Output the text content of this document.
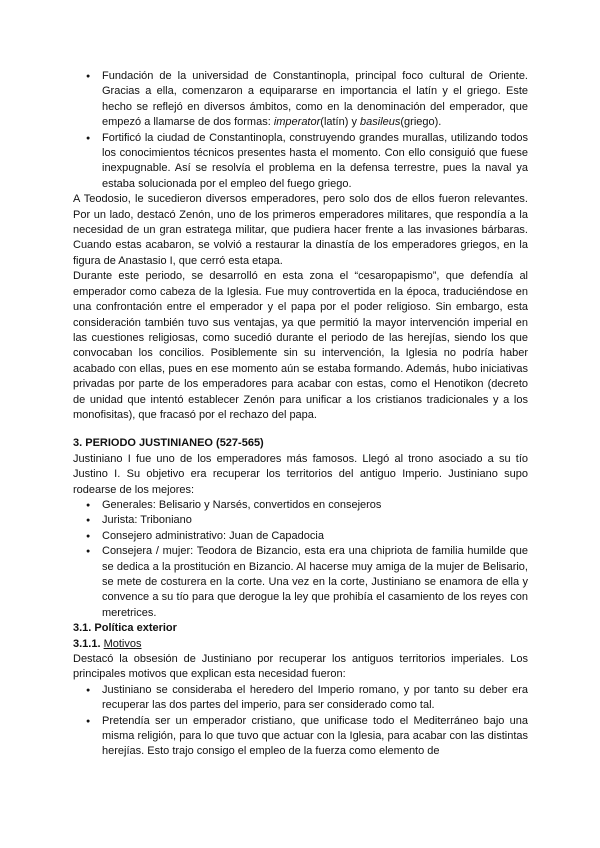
● Fundación de la universidad de Constantinopla, principal foco cultural de Oriente. Gracias a ella, comenzaron a equipararse en importancia el latín y el griego. Este hecho se reflejó en diversos ámbitos, como en la denominación del emperador, que empezó a llamarse de dos formas: imperator(latín) y basileus(griego).
● Fortificó la ciudad de Constantinopla, construyendo grandes murallas, utilizando todos los conocimientos técnicos presentes hasta el momento. Con ello consiguió que fuese inexpugnable. Así se resolvía el problema en la defensa terrestre, pues la naval ya estaba solucionada por el empleo del fuego griego.

A Teodosio, le sucedieron diversos emperadores, pero solo dos de ellos fueron relevantes. Por un lado, destacó Zenón, uno de los primeros emperadores militares, que respondía a la necesidad de un gran estratega militar, que pudiera hacer frente a las invasiones bárbaras. Cuando estas acabaron, se volvió a restaurar la dinastía de los emperadores griegos, en la figura de Anastasio I, que cerró esta etapa.

Durante este periodo, se desarrolló en esta zona el “cesaropapismo”, que defendía al emperador como cabeza de la Iglesia. Fue muy controvertida en la época, traduciéndose en una confrontación entre el emperador y el papa por el poder religioso. Sin embargo, esta consideración también tuvo sus ventajas, ya que permitió la mayor intervención imperial en las cuestiones religiosas, como sucedió durante el periodo de las herejías, siendo los que convocaban los concilios. Posiblemente sin su intervención, la Iglesia no podría haber acabado con ellas, pues en ese momento aún se estaba formando. Además, hubo iniciativas privadas por parte de los emperadores para acabar con estas, como el Henotikon (decreto de unidad que intentó establecer Zenón para unificar a los cristianos tradicionales y a los monofisitas), que fracasó por el rechazo del papa.

3. PERIODO JUSTINIANEO (527-565)

Justiniano I fue uno de los emperadores más famosos. Llegó al trono asociado a su tío Justino I. Su objetivo era recuperar los territorios del antiguo Imperio. Justiniano supo rodearse de los mejores:

● Generales: Belisario y Narsés, convertidos en consejeros
● Jurista: Triboniano
● Consejero administrativo: Juan de Capadocia
● Consejera / mujer: Teodora de Bizancio, esta era una chipriota de familia humilde que se dedica a la prostitución en Bizancio. Al hacerse muy amiga de la mujer de Belisario, se mete de costurera en la corte. Una vez en la corte, Justiniano se enamora de ella y convence a su tío para que derogue la ley que prohibía el casamiento de los reyes con meretrices.

3.1. Política exterior

3.1.1. Motivos

Destacó la obsesión de Justiniano por recuperar los antiguos territorios imperiales. Los principales motivos que explican esta necesidad fueron:

● Justiniano se consideraba el heredero del Imperio romano, y por tanto su deber era recuperar las dos partes del imperio, para ser considerado como tal.
● Pretendía ser un emperador cristiano, que unificase todo el Mediterráneo bajo una misma religión, para lo que tuvo que actuar con la Iglesia, para acabar con las distintas herejías. Esto trajo consigo el empleo de la fuerza como elemento de
